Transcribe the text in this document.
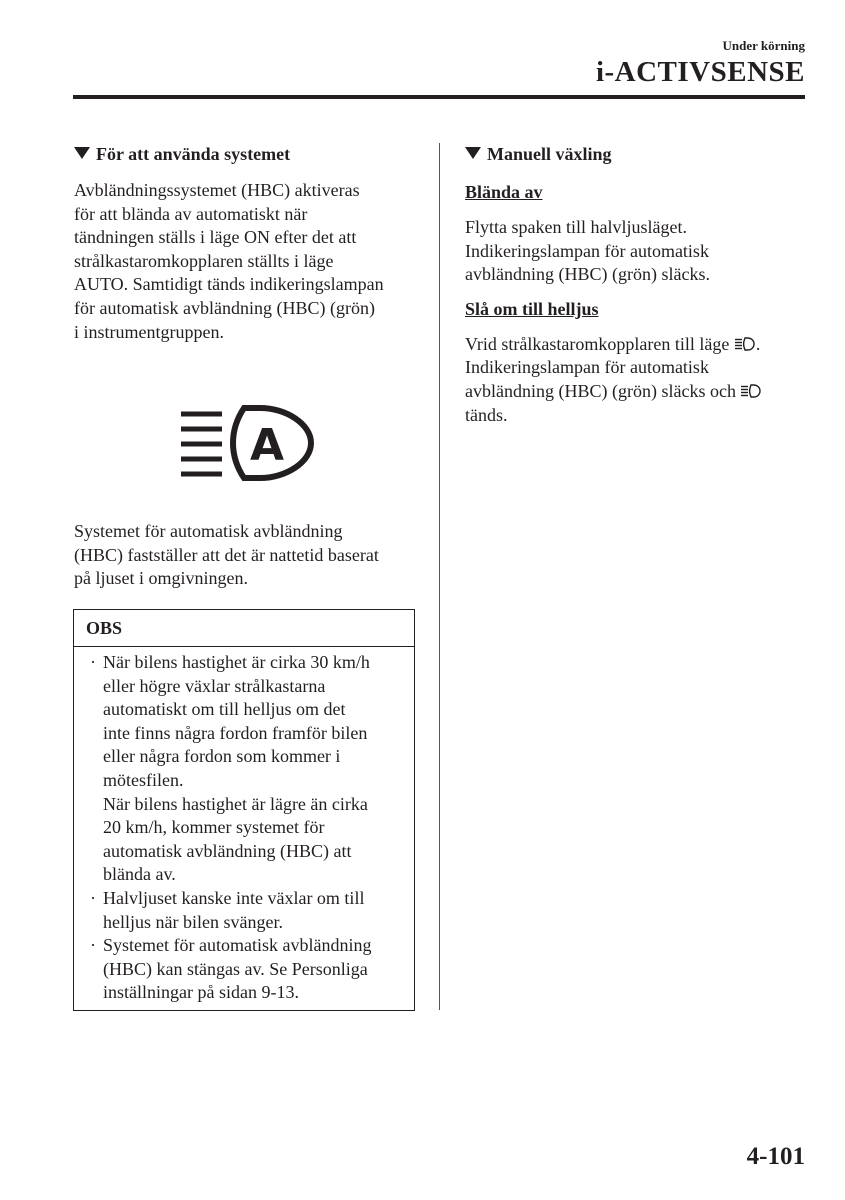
Under körning
i-ACTIVSENSE

För att använda systemet

Avbländningssystemet (HBC) aktiveras
för att blända av automatiskt när
tändningen ställs i läge ON efter det att
strålkastaromkopplaren ställts i läge
AUTO. Samtidigt tänds indikeringslampan
för automatisk avbländning (HBC) (grön)
i instrumentgruppen.

A

Systemet för automatisk avbländning
(HBC) fastställer att det är nattetid baserat
på ljuset i omgivningen.

OBS
· När bilens hastighet är cirka 30 km/h
eller högre växlar strålkastarna
automatiskt om till helljus om det
inte finns några fordon framför bilen
eller några fordon som kommer i
mötesfilen.
När bilens hastighet är lägre än cirka
20 km/h, kommer systemet för
automatisk avbländning (HBC) att
blända av.
· Halvljuset kanske inte växlar om till
helljus när bilen svänger.
· Systemet för automatisk avbländning
(HBC) kan stängas av. Se Personliga
inställningar på sidan 9-13.

Manuell växling

Blända av

Flytta spaken till halvljusläget.
Indikeringslampan för automatisk
avbländning (HBC) (grön) släcks.

Slå om till helljus

Vrid strålkastaromkopplaren till läge .
Indikeringslampan för automatisk
avbländning (HBC) (grön) släcks och
tänds.

4-101
